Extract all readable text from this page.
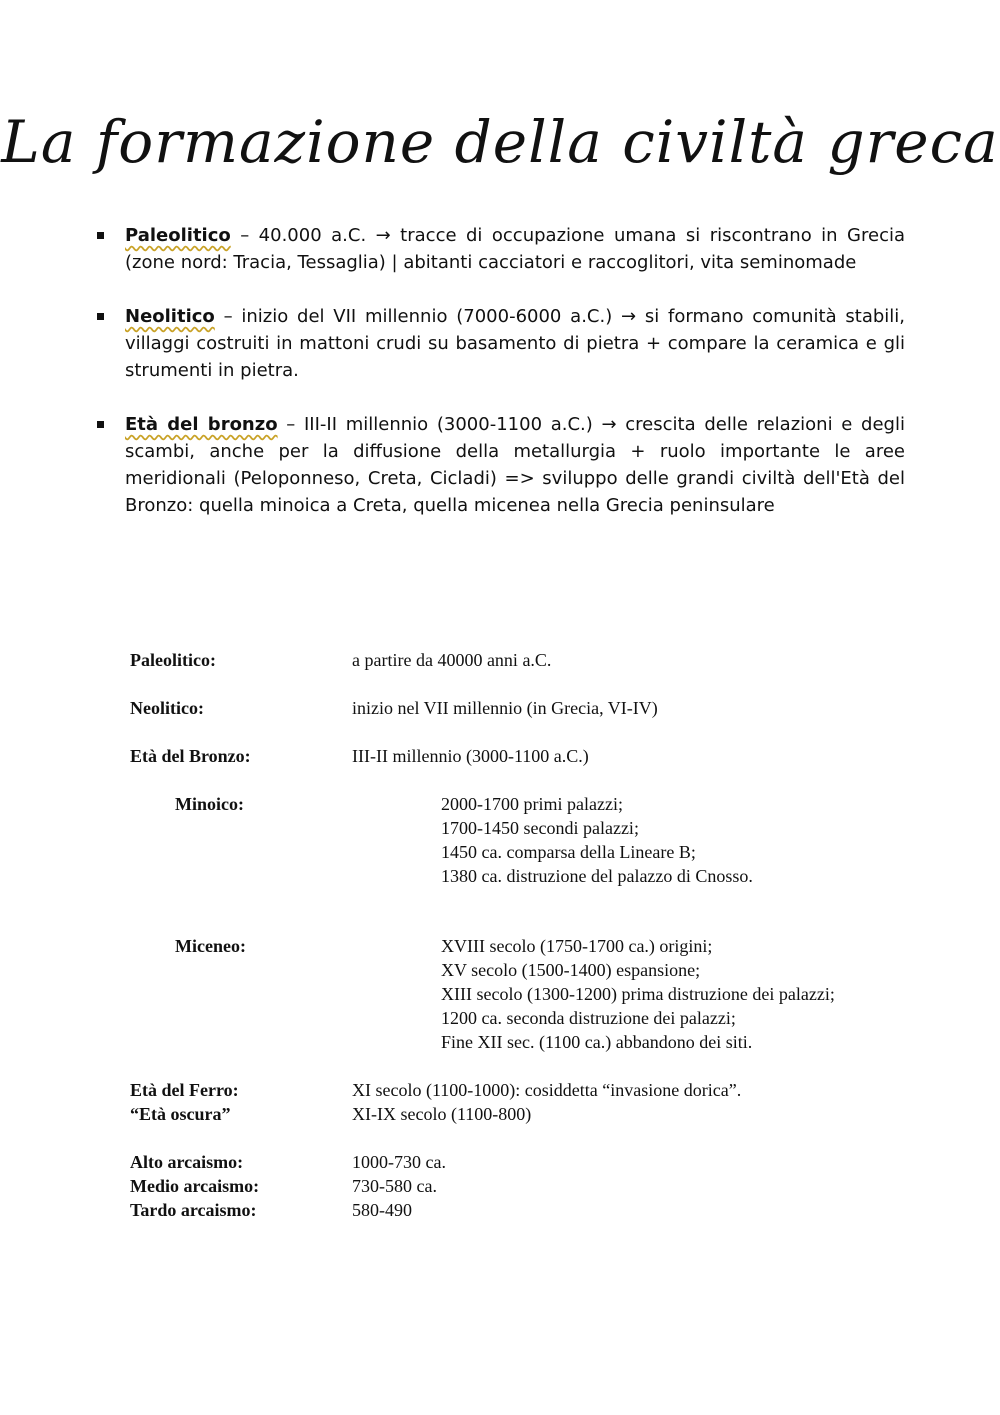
La formazione della civiltà greca
Paleolitico – 40.000 a.C. → tracce di occupazione umana si riscontrano in Grecia (zone nord: Tracia, Tessaglia) | abitanti cacciatori e raccoglitori, vita seminomade
Neolitico – inizio del VII millennio (7000-6000 a.C.) → si formano comunità stabili, villaggi costruiti in mattoni crudi su basamento di pietra + compare la ceramica e gli strumenti in pietra.
Età del bronzo – III-II millennio (3000-1100 a.C.) → crescita delle relazioni e degli scambi, anche per la diffusione della metallurgia + ruolo importante le aree meridionali (Peloponneso, Creta, Cicladi) => sviluppo delle grandi civiltà dell'Età del Bronzo: quella minoica a Creta, quella micenea nella Grecia peninsulare
Paleolitico:	a partire da 40000 anni a.C.
Neolitico:	inizio nel VII millennio (in Grecia, VI-IV)
Età del Bronzo:	III-II millennio (3000-1100 a.C.)
Minoico:	2000-1700 primi palazzi;
1700-1450 secondi palazzi;
1450 ca. comparsa della Lineare B;
1380 ca. distruzione del palazzo di Cnosso.
Miceneo:	XVIII secolo (1750-1700 ca.) origini;
XV secolo (1500-1400) espansione;
XIII secolo (1300-1200) prima distruzione dei palazzi;
1200 ca. seconda distruzione dei palazzi;
Fine XII sec. (1100 ca.) abbandono dei siti.
Età del Ferro:	XI secolo (1100-1000): cosiddetta “invasione dorica”.
“Età oscura”	XI-IX secolo (1100-800)
Alto arcaismo:	1000-730 ca.
Medio arcaismo:	730-580 ca.
Tardo arcaismo:	580-490
